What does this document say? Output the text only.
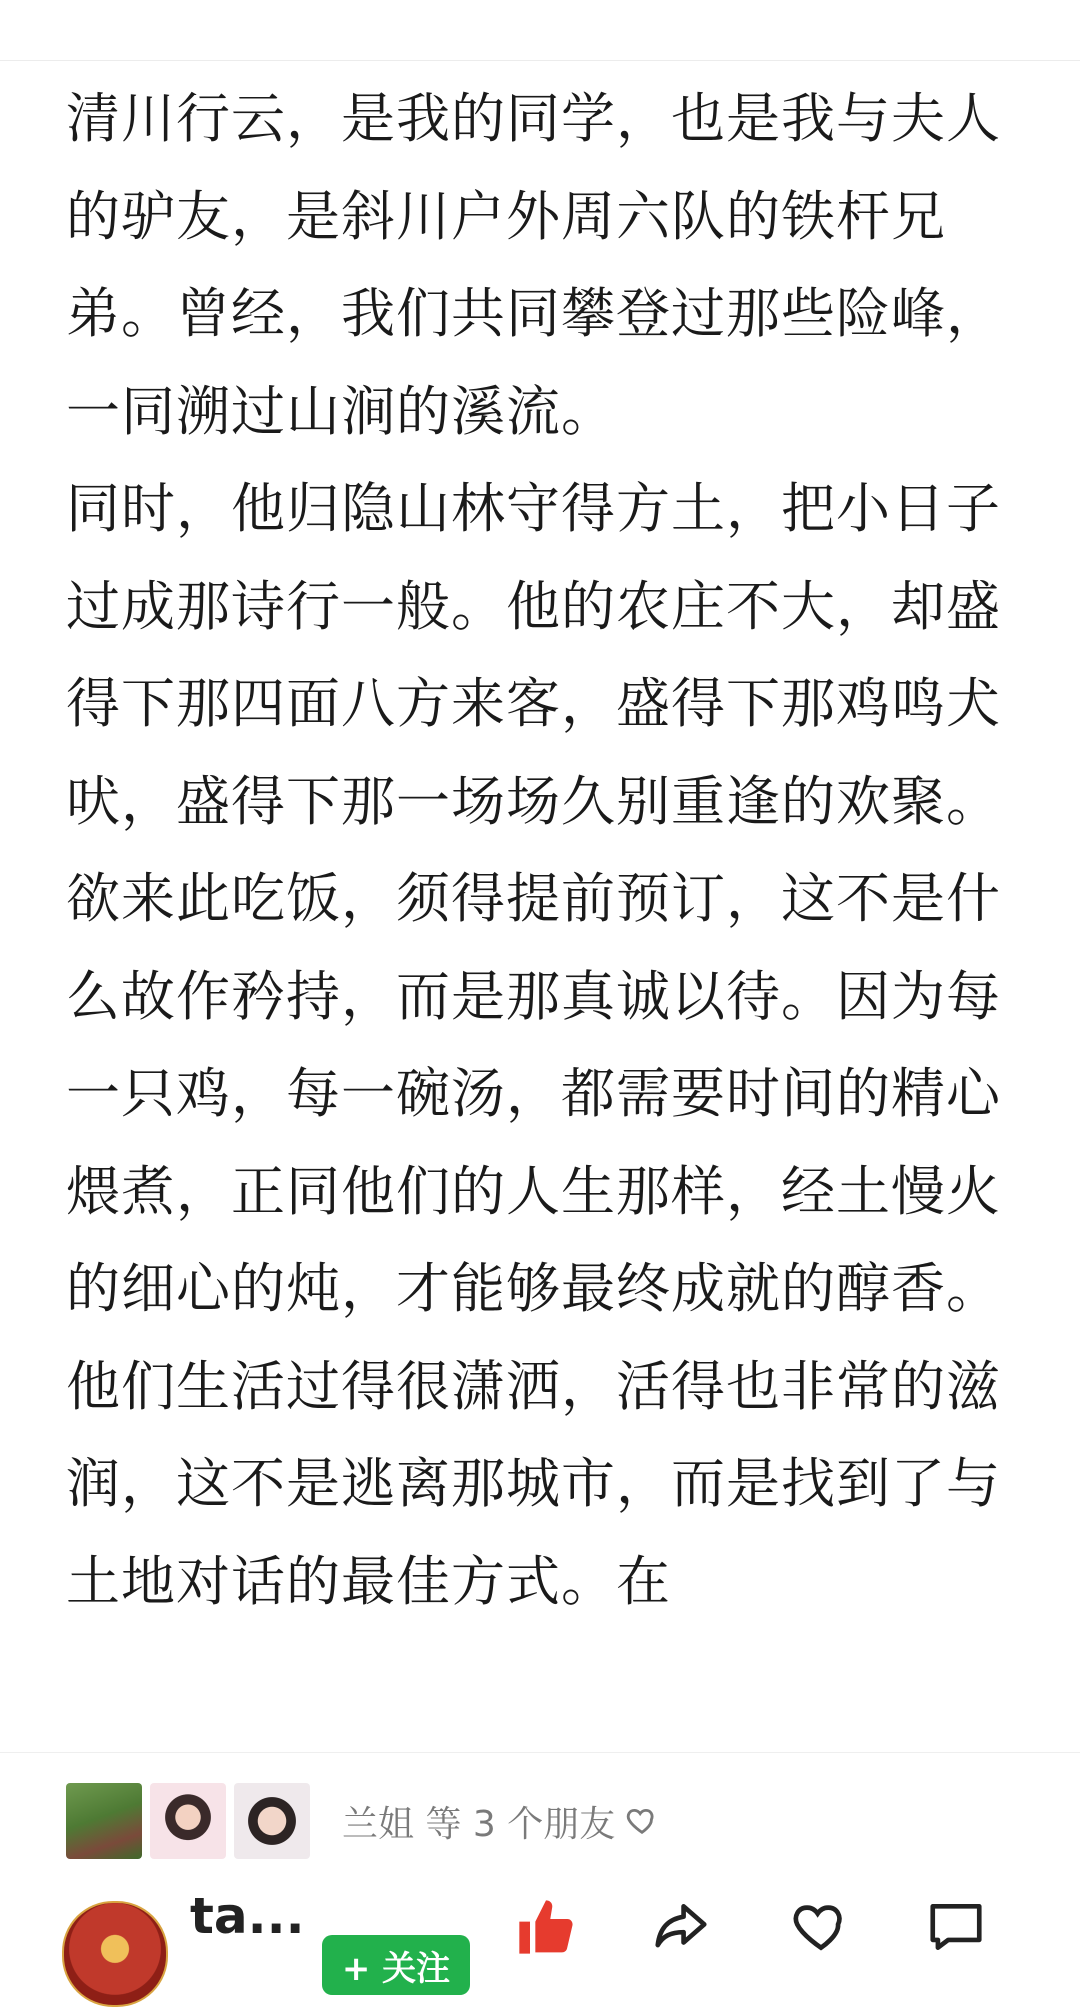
清川行云，是我的同学，也是我与夫人的驴友，是斜川户外周六队的铁杆兄弟。曾经，我们共同攀登过那些险峰，一同溯过山涧的溪流。

同时，他归隐山林守得方土，把小日子过成那诗行一般。他的农庄不大，却盛得下那四面八方来客，盛得下那鸡鸣犬吠，盛得下那一场场久别重逢的欢聚。

欲来此吃饭，须得提前预订，这不是什么故作矜持，而是那真诚以待。因为每一只鸡，每一碗汤，都需要时间的精心煨煮，正同他们的人生那样，经土慢火的细心的炖，才能够最终成就的醇香。

他们生活过得很潇洒，活得也非常的滋润，这不是逃离那城市，而是找到了与土地对话的最佳方式。在

兰姐 等 3 个朋友
ta...
+ 关注
